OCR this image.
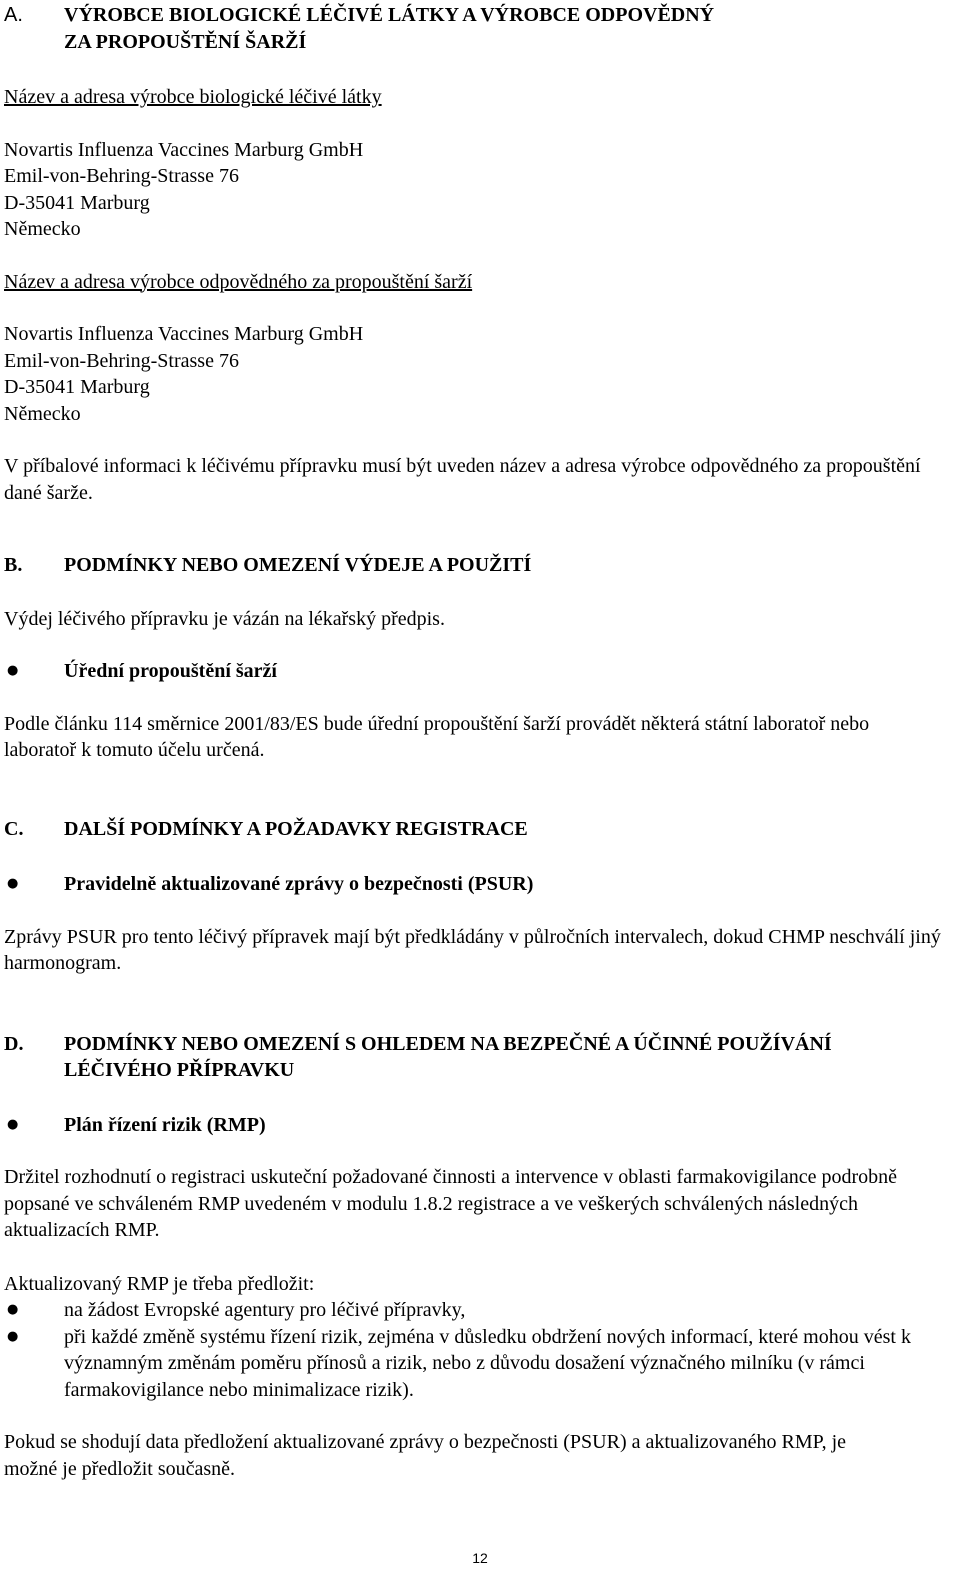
A.	VÝROBCE BIOLOGICKÉ LÉČIVÉ LÁTKY A VÝROBCE ODPOVĚDNÝ
ZA PROPOUŠTĚNÍ ŠARŽÍ
Název a adresa výrobce biologické léčivé látky
Novartis Influenza Vaccines Marburg GmbH
Emil-von-Behring-Strasse 76
D-35041 Marburg
Německo
Název a adresa výrobce odpovědného za propouštění šarží
Novartis Influenza Vaccines Marburg GmbH
Emil-von-Behring-Strasse 76
D-35041 Marburg
Německo
V příbalové informaci k léčivému přípravku musí být uveden název a adresa výrobce odpovědného za propouštění dané šarže.
B.	PODMÍNKY NEBO OMEZENÍ VÝDEJE A POUŽITÍ
Výdej léčivého přípravku je vázán na lékařský předpis.
●	Úřední propouštění šarží
Podle článku 114 směrnice 2001/83/ES bude úřední propouštění šarží provádět některá státní laboratoř nebo laboratoř k tomuto účelu určená.
C.	DALŠÍ PODMÍNKY A POŽADAVKY REGISTRACE
●	Pravidelně aktualizované zprávy o bezpečnosti (PSUR)
Zprávy PSUR pro tento léčivý přípravek mají být předkládány v půlročních intervalech, dokud CHMP neschválí jiný harmonogram.
D.	PODMÍNKY NEBO OMEZENÍ S OHLEDEM NA BEZPEČNÉ A ÚČINNÉ POUŽÍVÁNÍ
LÉČIVÉHO PŘÍPRAVKU
●	Plán řízení rizik (RMP)
Držitel rozhodnutí o registraci uskuteční požadované činnosti a intervence v oblasti farmakovigilance podrobně popsané ve schváleném RMP uvedeném v modulu 1.8.2 registrace a ve veškerých schválených následných aktualizacích RMP.
Aktualizovaný RMP je třeba předložit:
●	na žádost Evropské agentury pro léčivé přípravky,
●	při každé změně systému řízení rizik, zejména v důsledku obdržení nových informací, které mohou vést k významným změnám poměru přínosů a rizik, nebo z důvodu dosažení význačného milníku (v rámci farmakovigilance nebo minimalizace rizik).
Pokud se shodují data předložení aktualizované zprávy o bezpečnosti (PSUR) a aktualizovaného RMP, je možné je předložit současně.
12
